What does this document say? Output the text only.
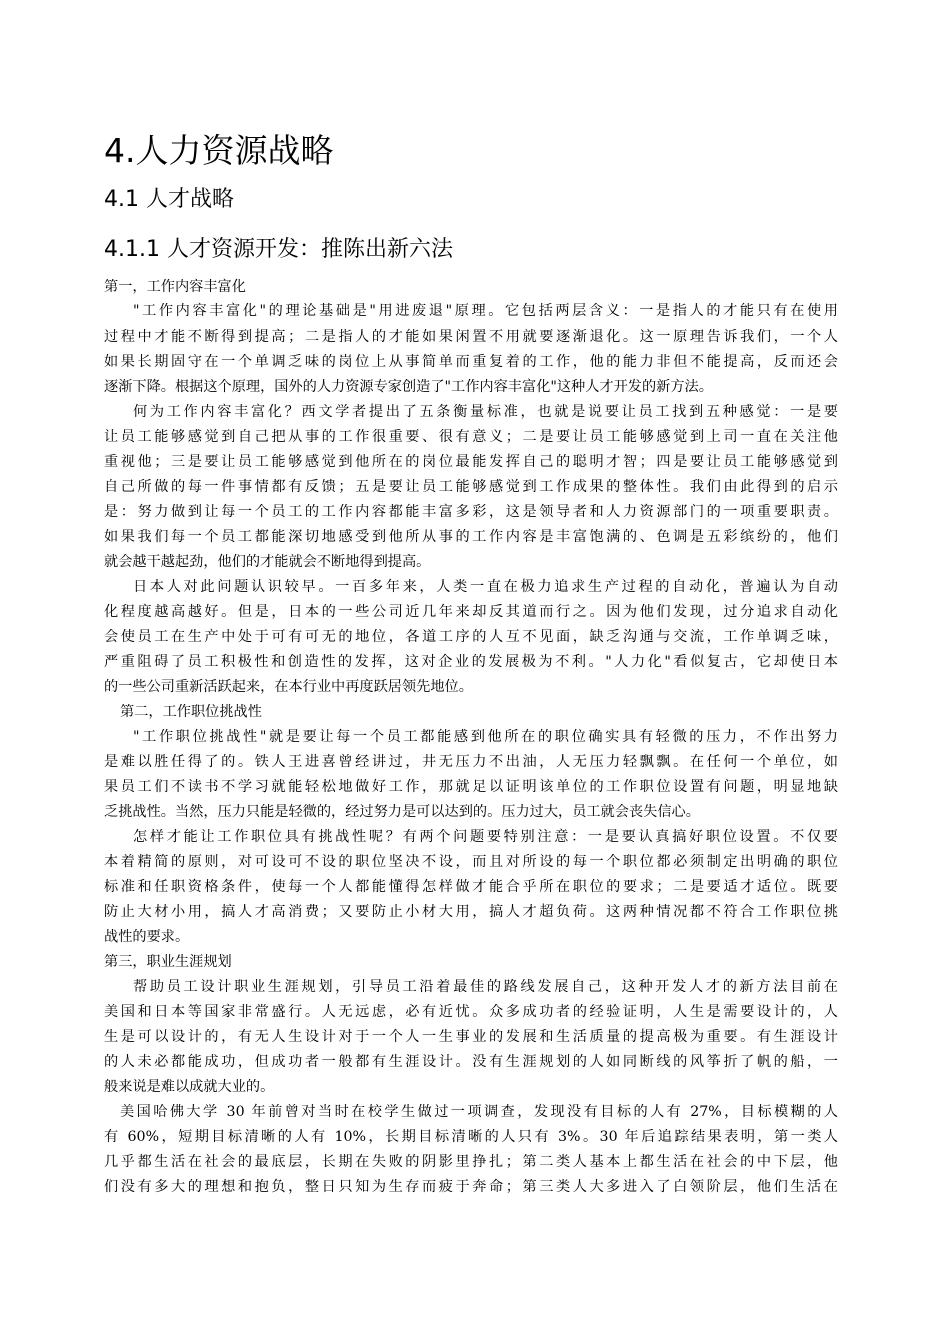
4.人力资源战略
4.1 人才战略
4.1.1 人才资源开发：推陈出新六法
第一，工作内容丰富化
"工作内容丰富化"的理论基础是"用进废退"原理。它包括两层含义：一是指人的才能只有在使用
过程中才能不断得到提高；二是指人的才能如果闲置不用就要逐渐退化。这一原理告诉我们，一个人
如果长期固守在一个单调乏味的岗位上从事简单而重复着的工作，他的能力非但不能提高，反而还会
逐渐下降。根据这个原理，国外的人力资源专家创造了"工作内容丰富化"这种人才开发的新方法。
何为工作内容丰富化？西文学者提出了五条衡量标准，也就是说要让员工找到五种感觉：一是要
让员工能够感觉到自己把从事的工作很重要、很有意义；二是要让员工能够感觉到上司一直在关注他
重视他；三是要让员工能够感觉到他所在的岗位最能发挥自己的聪明才智；四是要让员工能够感觉到
自己所做的每一件事情都有反馈；五是要让员工能够感觉到工作成果的整体性。我们由此得到的启示
是：努力做到让每一个员工的工作内容都能丰富多彩，这是领导者和人力资源部门的一项重要职责。
如果我们每一个员工都能深切地感受到他所从事的工作内容是丰富饱满的、色调是五彩缤纷的，他们
就会越干越起劲，他们的才能就会不断地得到提高。
日本人对此问题认识较早。一百多年来，人类一直在极力追求生产过程的自动化，普遍认为自动
化程度越高越好。但是，日本的一些公司近几年来却反其道而行之。因为他们发现，过分追求自动化
会使员工在生产中处于可有可无的地位，各道工序的人互不见面，缺乏沟通与交流，工作单调乏味，
严重阻碍了员工积极性和创造性的发挥，这对企业的发展极为不利。"人力化"看似复古，它却使日本
的一些公司重新活跃起来，在本行业中再度跃居领先地位。
第二，工作职位挑战性
"工作职位挑战性"就是要让每一个员工都能感到他所在的职位确实具有轻微的压力，不作出努力
是难以胜任得了的。铁人王进喜曾经讲过，井无压力不出油，人无压力轻飘飘。在任何一个单位，如
果员工们不读书不学习就能轻松地做好工作，那就足以证明该单位的工作职位设置有问题，明显地缺
乏挑战性。当然，压力只能是轻微的，经过努力是可以达到的。压力过大，员工就会丧失信心。
怎样才能让工作职位具有挑战性呢？有两个问题要特别注意：一是要认真搞好职位设置。不仅要
本着精简的原则，对可设可不设的职位坚决不设，而且对所设的每一个职位都必须制定出明确的职位
标准和任职资格条件，使每一个人都能懂得怎样做才能合乎所在职位的要求；二是要适才适位。既要
防止大材小用，搞人才高消费；又要防止小材大用，搞人才超负荷。这两种情况都不符合工作职位挑
战性的要求。
第三，职业生涯规划
帮助员工设计职业生涯规划，引导员工沿着最佳的路线发展自己，这种开发人才的新方法目前在
美国和日本等国家非常盛行。人无远虑，必有近忧。众多成功者的经验证明，人生是需要设计的，人
生是可以设计的，有无人生设计对于一个人一生事业的发展和生活质量的提高极为重要。有生涯设计
的人未必都能成功，但成功者一般都有生涯设计。没有生涯规划的人如同断线的风筝折了帆的船，一
般来说是难以成就大业的。
美国哈佛大学 30 年前曾对当时在校学生做过一项调查，发现没有目标的人有 27%，目标模糊的人
有 60%，短期目标清晰的人有 10%，长期目标清晰的人只有 3%。30 年后追踪结果表明，第一类人
几乎都生活在社会的最底层，长期在失败的阴影里挣扎；第二类人基本上都生活在社会的中下层，他
们没有多大的理想和抱负，整日只知为生存而疲于奔命；第三类人大多进入了白领阶层，他们生活在
